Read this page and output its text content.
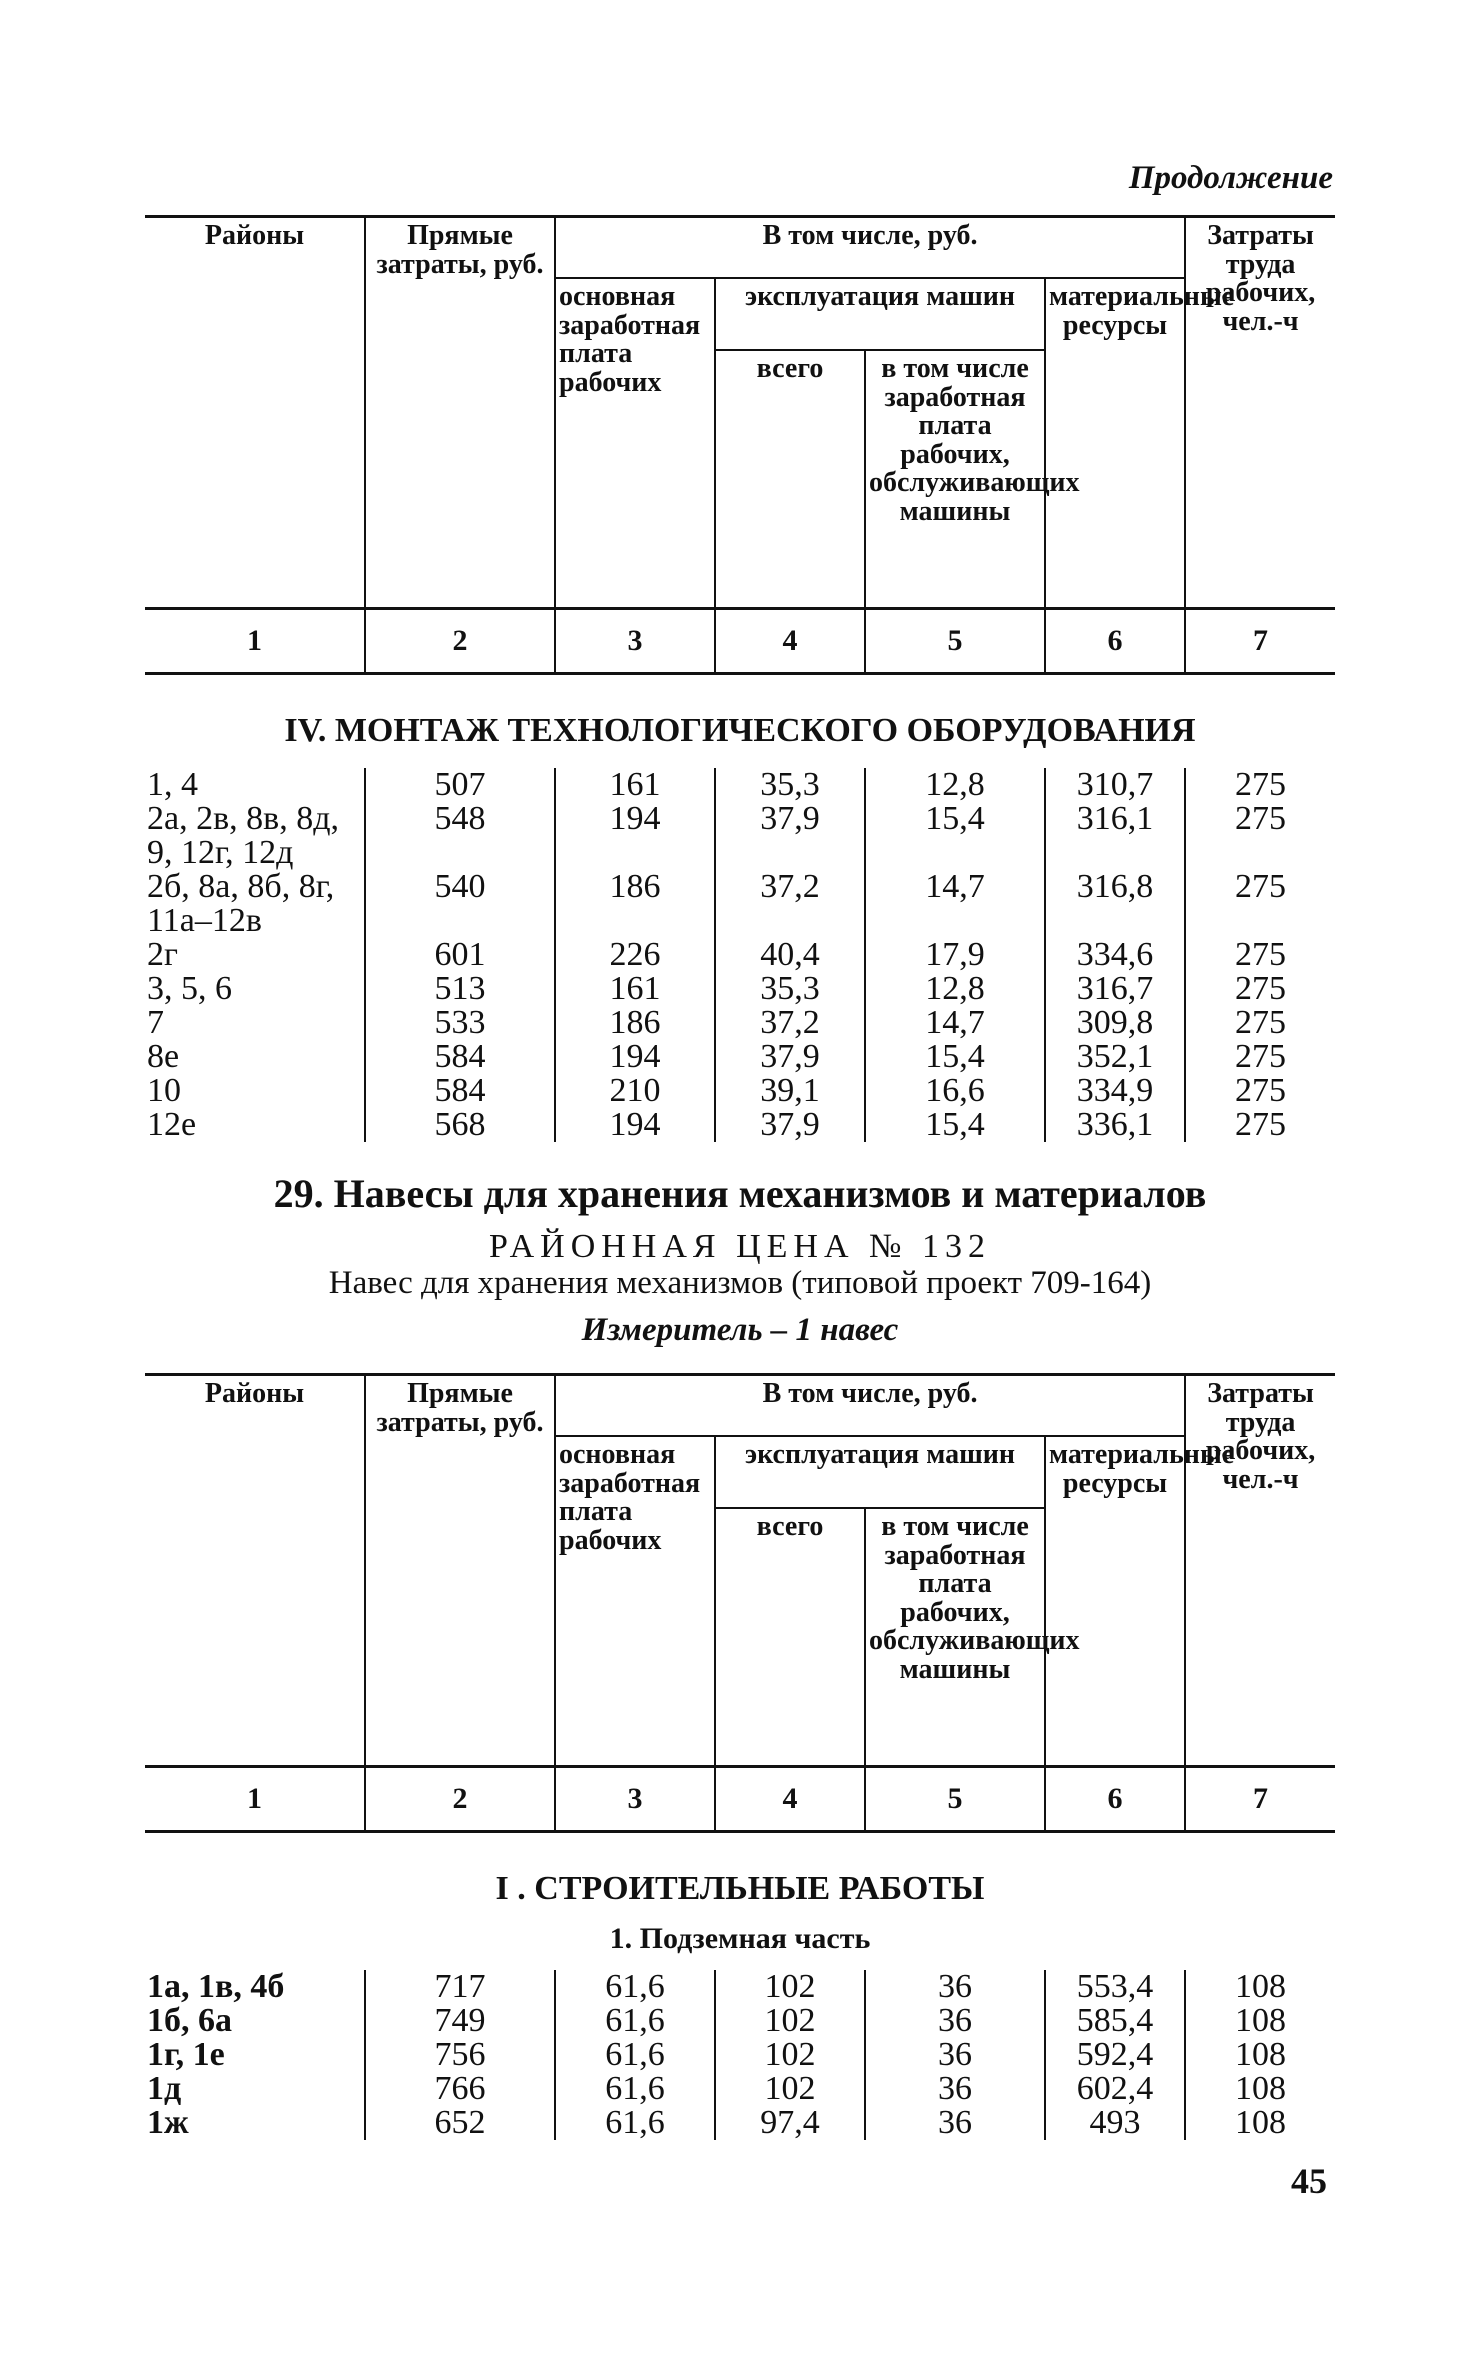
Продолжение
Районы	Прямые затраты, руб.	В том числе, руб.				Затраты труда рабочих, чел.-ч
		основная заработная плата рабочих	эксплуатация машин		материальные ресурсы	
			всего	в том числе заработная плата рабочих, обслуживающих машины		
1	2	3	4	5	6	7
IV. МОНТАЖ ТЕХНОЛОГИЧЕСКОГО ОБОРУДОВАНИЯ
1, 4	507	161	35,3	12,8	310,7	275
2а, 2в, 8в, 8д,
9, 12г, 12д	548	194	37,9	15,4	316,1	275
2б, 8а, 8б, 8г,
11а–12в	540	186	37,2	14,7	316,8	275
2г	601	226	40,4	17,9	334,6	275
3, 5, 6	513	161	35,3	12,8	316,7	275
7	533	186	37,2	14,7	309,8	275
8е	584	194	37,9	15,4	352,1	275
10	584	210	39,1	16,6	334,9	275
12е	568	194	37,9	15,4	336,1	275
29. Навесы для хранения механизмов и материалов
РАЙОННАЯ ЦЕНА № 132
Навес для хранения механизмов (типовой проект 709-164)
Измеритель – 1 навес
Районы	Прямые затраты, руб.	В том числе, руб.				Затраты труда рабочих, чел.-ч
		основная заработная плата рабочих	эксплуатация машин		материальные ресурсы	
			всего	в том числе заработная плата рабочих, обслуживающих машины		
1	2	3	4	5	6	7
I . СТРОИТЕЛЬНЫЕ РАБОТЫ
1. Подземная часть
1а, 1в, 4б	717	61,6	102	36	553,4	108
1б, 6а	749	61,6	102	36	585,4	108
1г, 1е	756	61,6	102	36	592,4	108
1д	766	61,6	102	36	602,4	108
1ж	652	61,6	97,4	36	493	108
45
